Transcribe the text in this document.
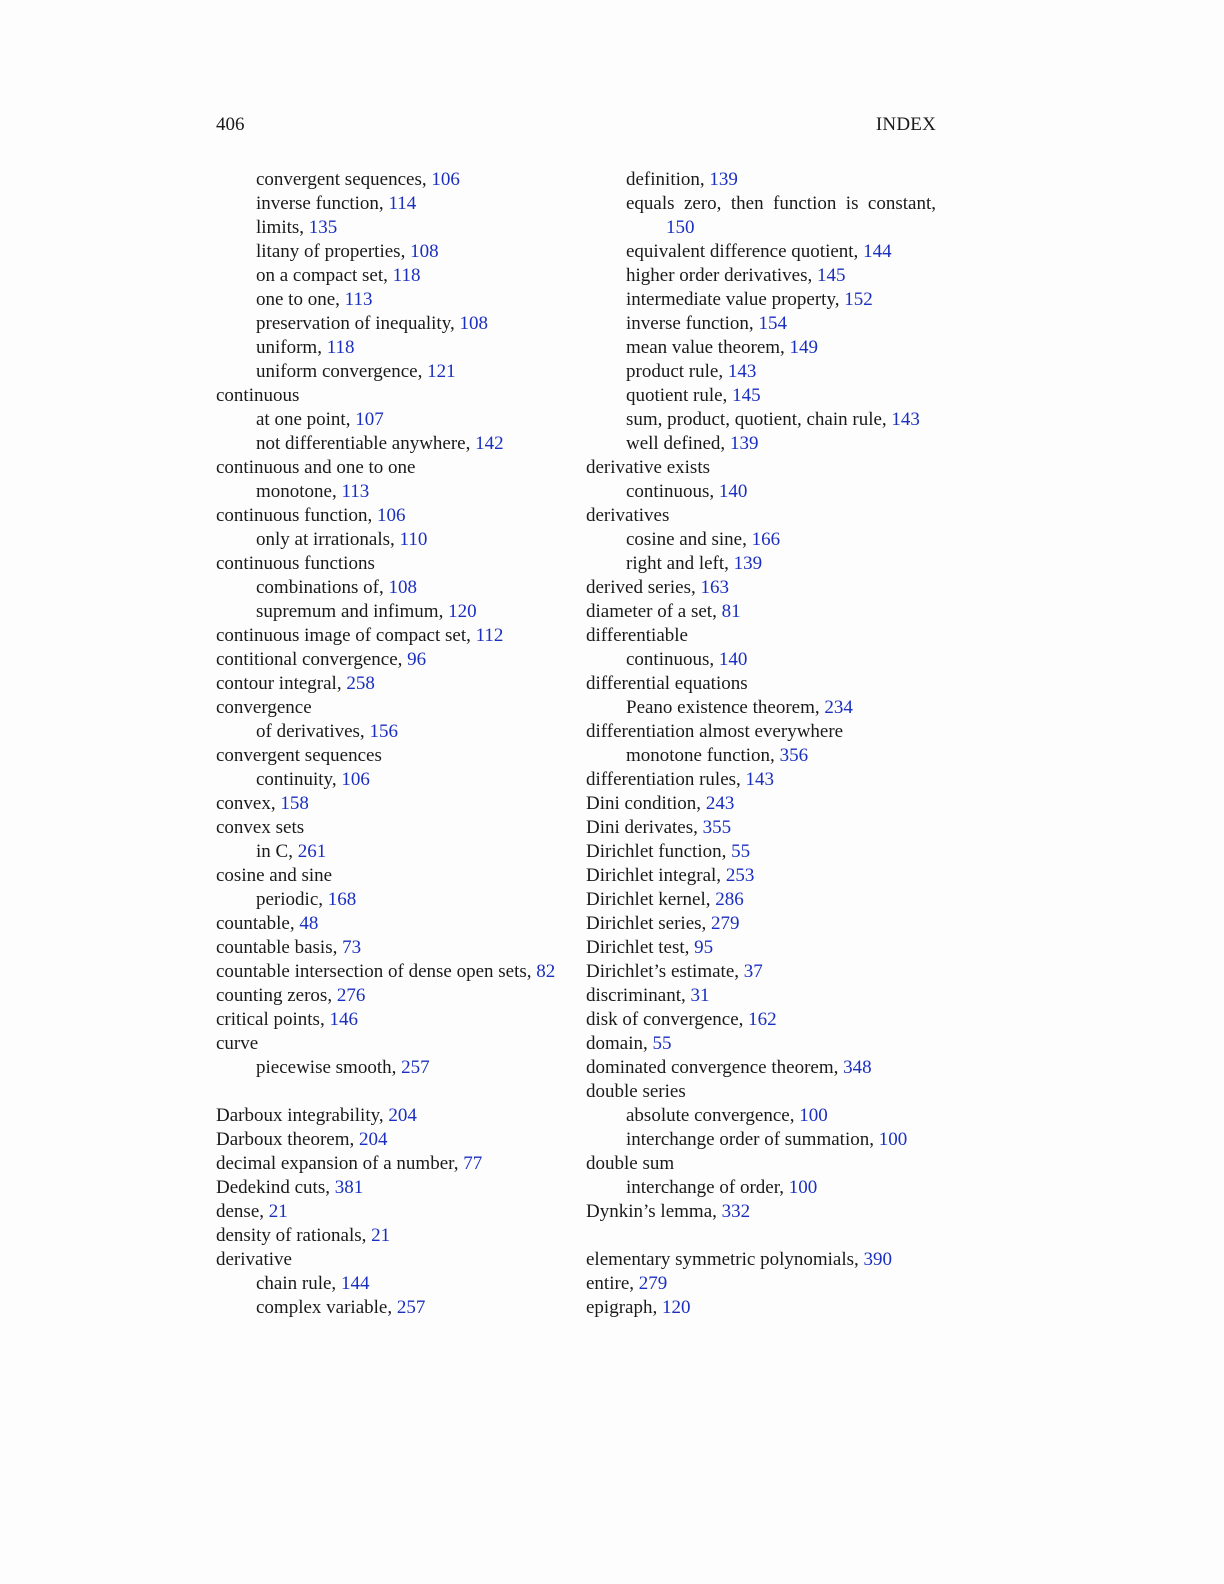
406	INDEX
convergent sequences, 106
inverse function, 114
limits, 135
litany of properties, 108
on a compact set, 118
one to one, 113
preservation of inequality, 108
uniform, 118
uniform convergence, 121
continuous
at one point, 107
not differentiable anywhere, 142
continuous and one to one
monotone, 113
continuous function, 106
only at irrationals, 110
continuous functions
combinations of, 108
supremum and infimum, 120
continuous image of compact set, 112
contitional convergence, 96
contour integral, 258
convergence
of derivatives, 156
convergent sequences
continuity, 106
convex, 158
convex sets
in C, 261
cosine and sine
periodic, 168
countable, 48
countable basis, 73
countable intersection of dense open sets, 82
counting zeros, 276
critical points, 146
curve
piecewise smooth, 257
Darboux integrability, 204
Darboux theorem, 204
decimal expansion of a number, 77
Dedekind cuts, 381
dense, 21
density of rationals, 21
derivative
chain rule, 144
complex variable, 257
definition, 139
equals zero, then function is constant, 150
equivalent difference quotient, 144
higher order derivatives, 145
intermediate value property, 152
inverse function, 154
mean value theorem, 149
product rule, 143
quotient rule, 145
sum, product, quotient, chain rule, 143
well defined, 139
derivative exists
continuous, 140
derivatives
cosine and sine, 166
right and left, 139
derived series, 163
diameter of a set, 81
differentiable
continuous, 140
differential equations
Peano existence theorem, 234
differentiation almost everywhere
monotone function, 356
differentiation rules, 143
Dini condition, 243
Dini derivates, 355
Dirichlet function, 55
Dirichlet integral, 253
Dirichlet kernel, 286
Dirichlet series, 279
Dirichlet test, 95
Dirichlet’s estimate, 37
discriminant, 31
disk of convergence, 162
domain, 55
dominated convergence theorem, 348
double series
absolute convergence, 100
interchange order of summation, 100
double sum
interchange of order, 100
Dynkin’s lemma, 332
elementary symmetric polynomials, 390
entire, 279
epigraph, 120
